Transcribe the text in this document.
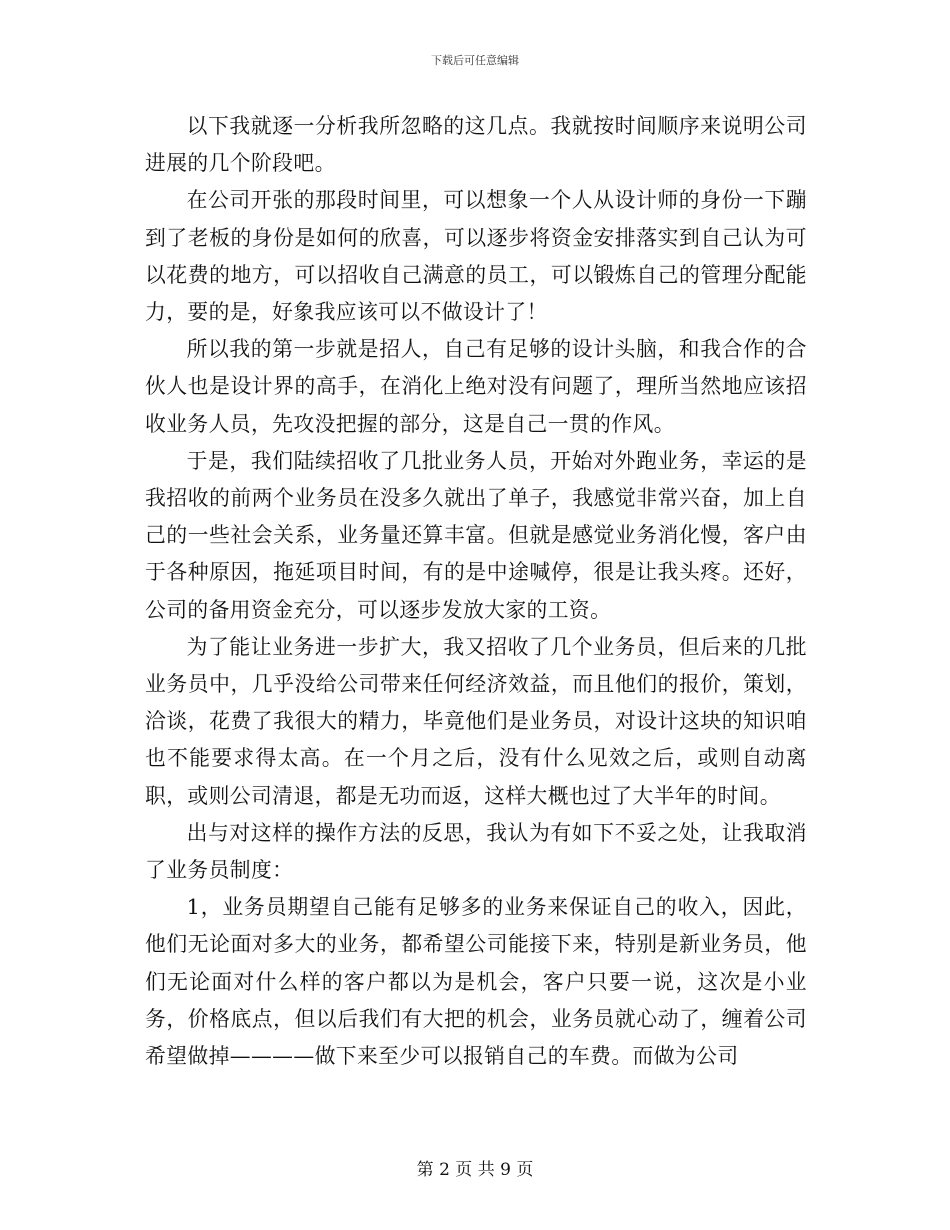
下载后可任意编辑

以下我就逐一分析我所忽略的这几点。我就按时间顺序来说明公司进展的几个阶段吧。

在公司开张的那段时间里，可以想象一个人从设计师的身份一下蹦到了老板的身份是如何的欣喜，可以逐步将资金安排落实到自己认为可以花费的地方，可以招收自己满意的员工，可以锻炼自己的管理分配能力，要的是，好象我应该可以不做设计了！

所以我的第一步就是招人，自己有足够的设计头脑，和我合作的合伙人也是设计界的高手，在消化上绝对没有问题了，理所当然地应该招收业务人员，先攻没把握的部分，这是自己一贯的作风。

于是，我们陆续招收了几批业务人员，开始对外跑业务，幸运的是我招收的前两个业务员在没多久就出了单子，我感觉非常兴奋，加上自己的一些社会关系，业务量还算丰富。但就是感觉业务消化慢，客户由于各种原因，拖延项目时间，有的是中途喊停，很是让我头疼。还好，公司的备用资金充分，可以逐步发放大家的工资。

为了能让业务进一步扩大，我又招收了几个业务员，但后来的几批业务员中，几乎没给公司带来任何经济效益，而且他们的报价，策划，洽谈，花费了我很大的精力，毕竟他们是业务员，对设计这块的知识咱也不能要求得太高。在一个月之后，没有什么见效之后，或则自动离职，或则公司清退，都是无功而返，这样大概也过了大半年的时间。

出与对这样的操作方法的反思，我认为有如下不妥之处，让我取消了业务员制度：

1，业务员期望自己能有足够多的业务来保证自己的收入，因此，他们无论面对多大的业务，都希望公司能接下来，特别是新业务员，他们无论面对什么样的客户都以为是机会，客户只要一说，这次是小业务，价格底点，但以后我们有大把的机会，业务员就心动了，缠着公司希望做掉————做下来至少可以报销自己的车费。而做为公司

第 2 页 共 9 页
